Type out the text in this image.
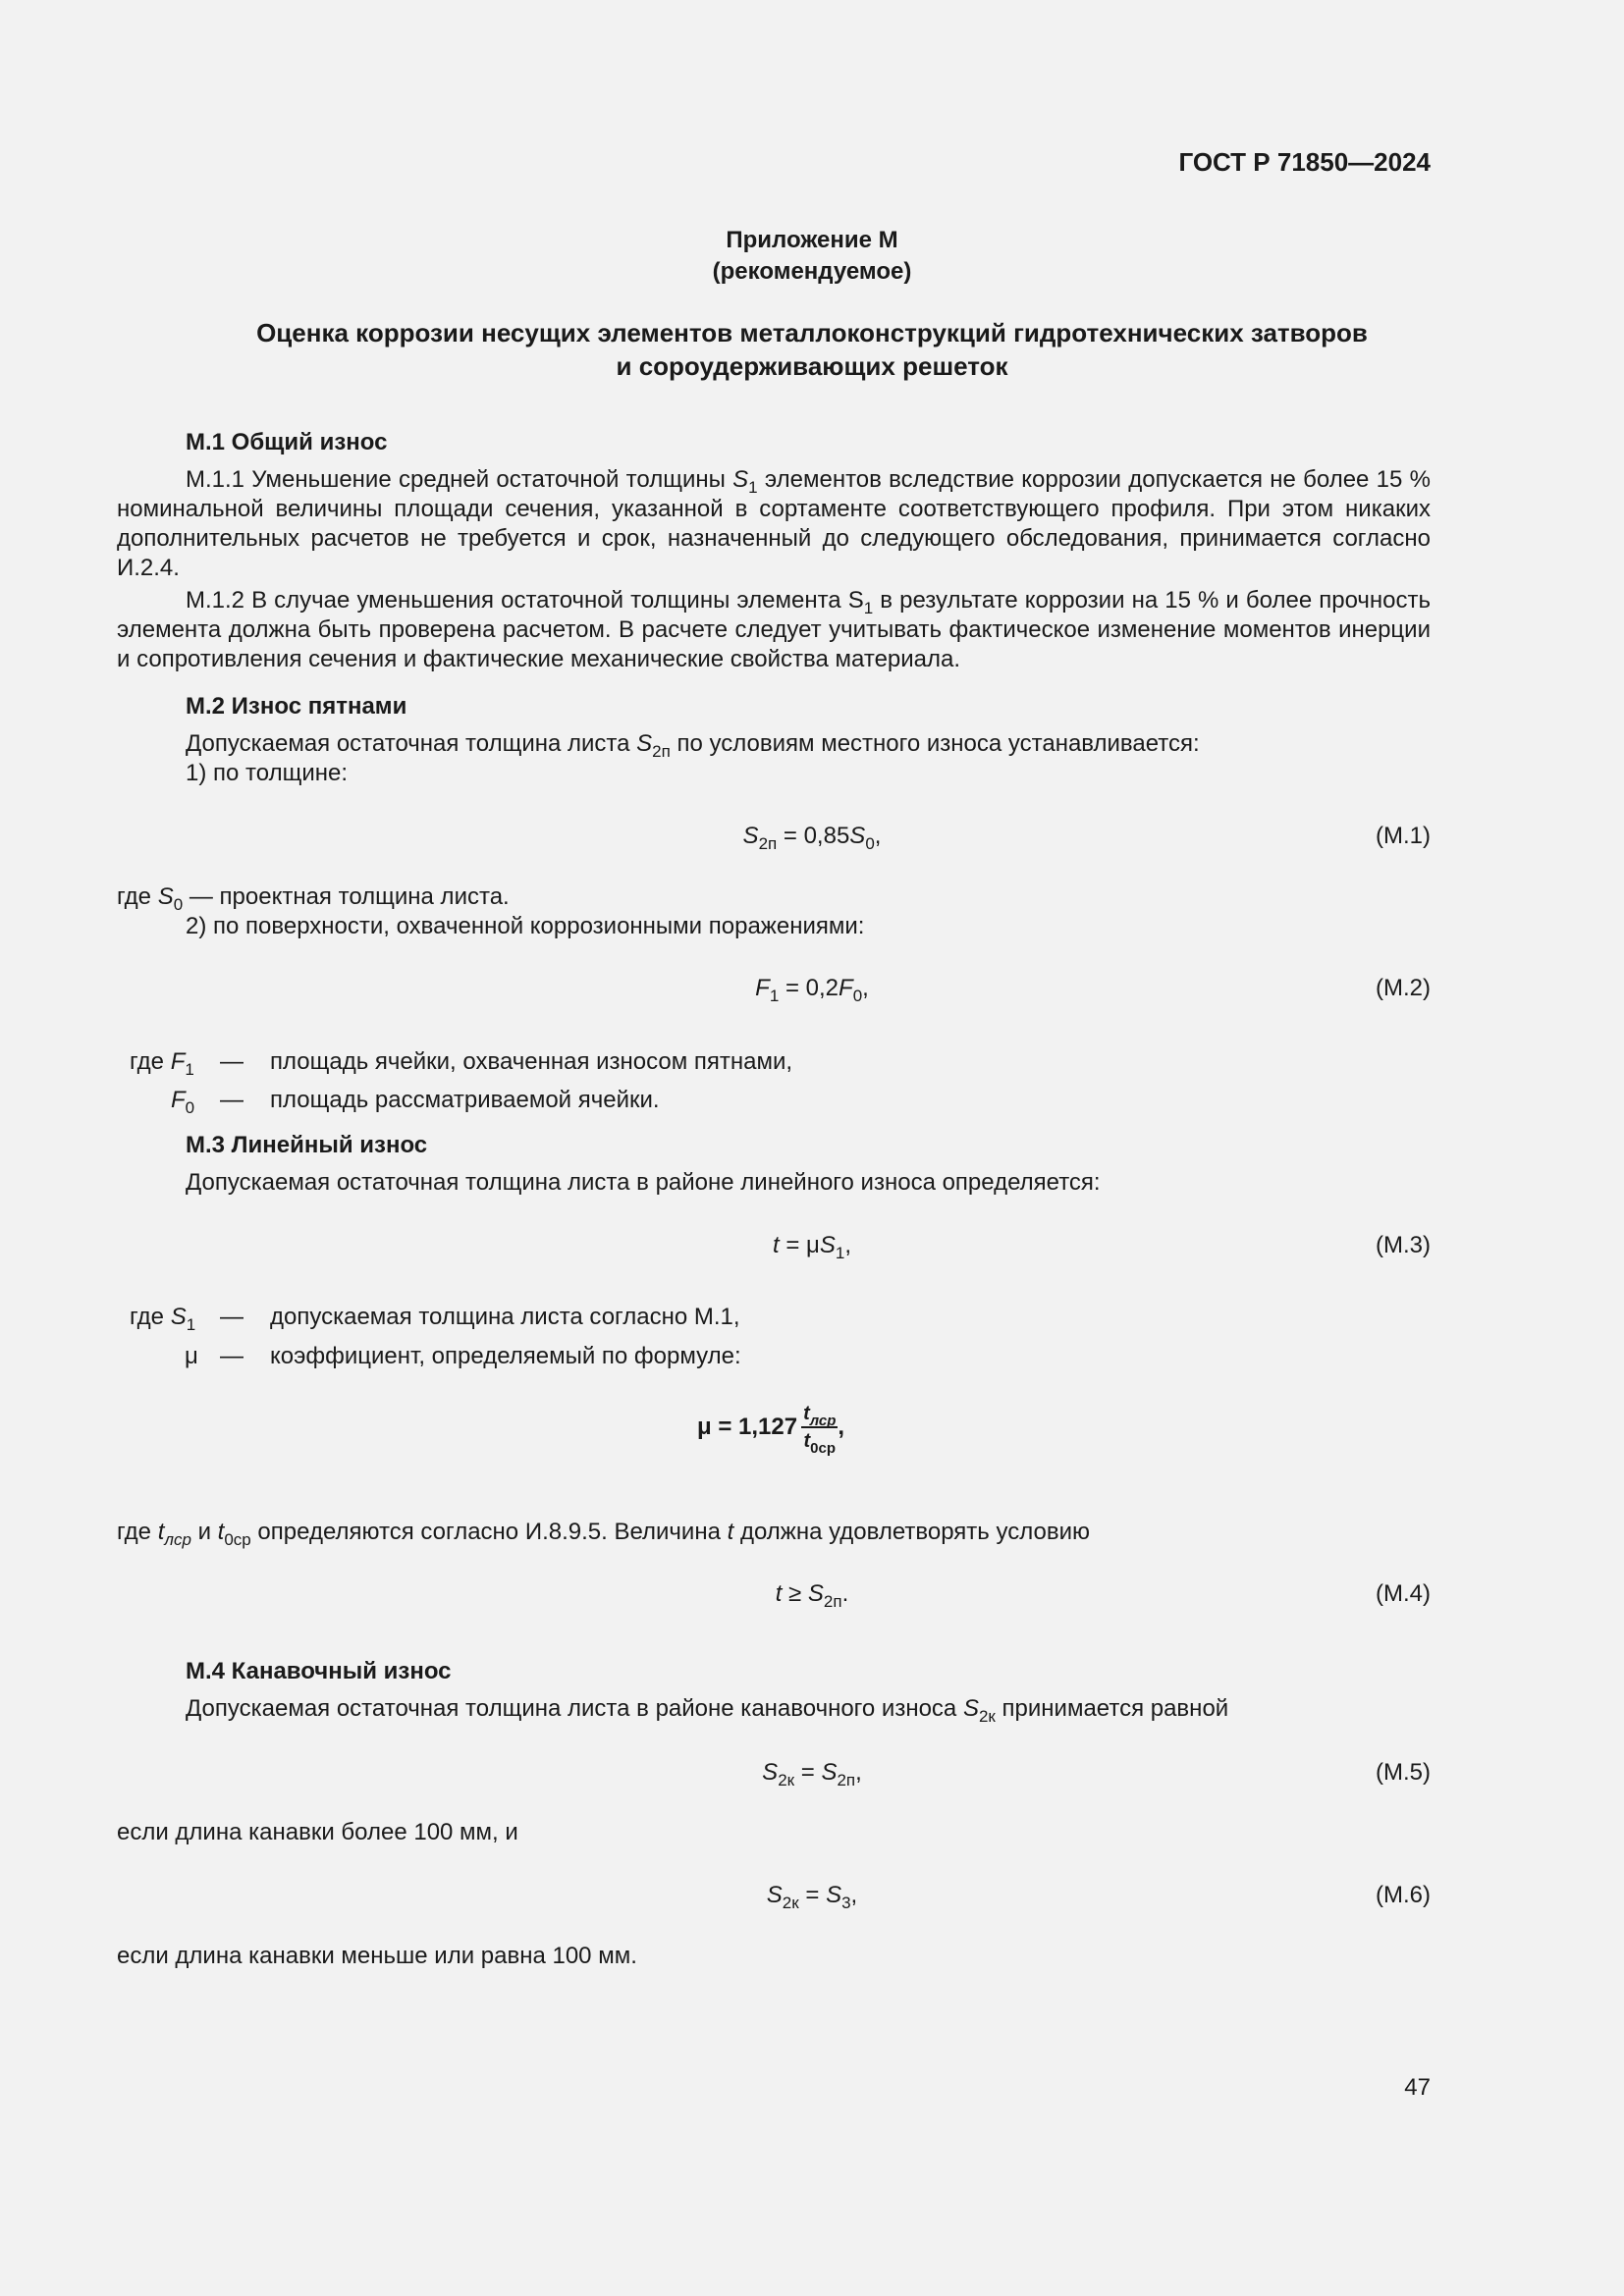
ГОСТ Р 71850—2024
Приложение М
(рекомендуемое)
Оценка коррозии несущих элементов металлоконструкций гидротехнических затворов
и сороудерживающих решеток
М.1 Общий износ
М.1.1 Уменьшение средней остаточной толщины $S_1$ элементов вследствие коррозии допускается не более 15 % номинальной величины площади сечения, указанной в сортаменте соответствующего профиля. При этом никаких дополнительных расчетов не требуется и срок, назначенный до следующего обследования, принимается согласно И.2.4.
М.1.2 В случае уменьшения остаточной толщины элемента $S_1$ в результате коррозии на 15 % и более прочность элемента должна быть проверена расчетом. В расчете следует учитывать фактическое изменение моментов инерции и сопротивления сечения и фактические механические свойства материала.
М.2 Износ пятнами
Допускаемая остаточная толщина листа $S_{2п}$ по условиям местного износа устанавливается:
1) по толщине:
$S_{2п} = 0,85S_0$,	(М.1)
где $S_0$ — проектная толщина листа.
2) по поверхности, охваченной коррозионными поражениями:
$F_1 = 0,2F_0$,	(М.2)
где $F_1$ — площадь ячейки, охваченная износом пятнами,
$F_0$ — площадь рассматриваемой ячейки.
М.3 Линейный износ
Допускаемая остаточная толщина листа в районе линейного износа определяется:
$t = \mu S_1$,	(М.3)
где $S_1$ — допускаемая толщина листа согласно М.1,
μ — коэффициент, определяемый по формуле:
$\mu = 1,127 \frac{t_{лср}}{t_{0ср}}$ ,
где $t_{лср}$ и $t_{0ср}$ определяются согласно И.8.9.5. Величина t должна удовлетворять условию
$t \ge S_{2п}$.	(М.4)
М.4 Канавочный износ
Допускаемая остаточная толщина листа в районе канавочного износа $S_{2к}$ принимается равной
$S_{2к} = S_{2п}$,	(М.5)
если длина канавки более 100 мм, и
$S_{2к} = S_3$,	(М.6)
если длина канавки меньше или равна 100 мм.
47
